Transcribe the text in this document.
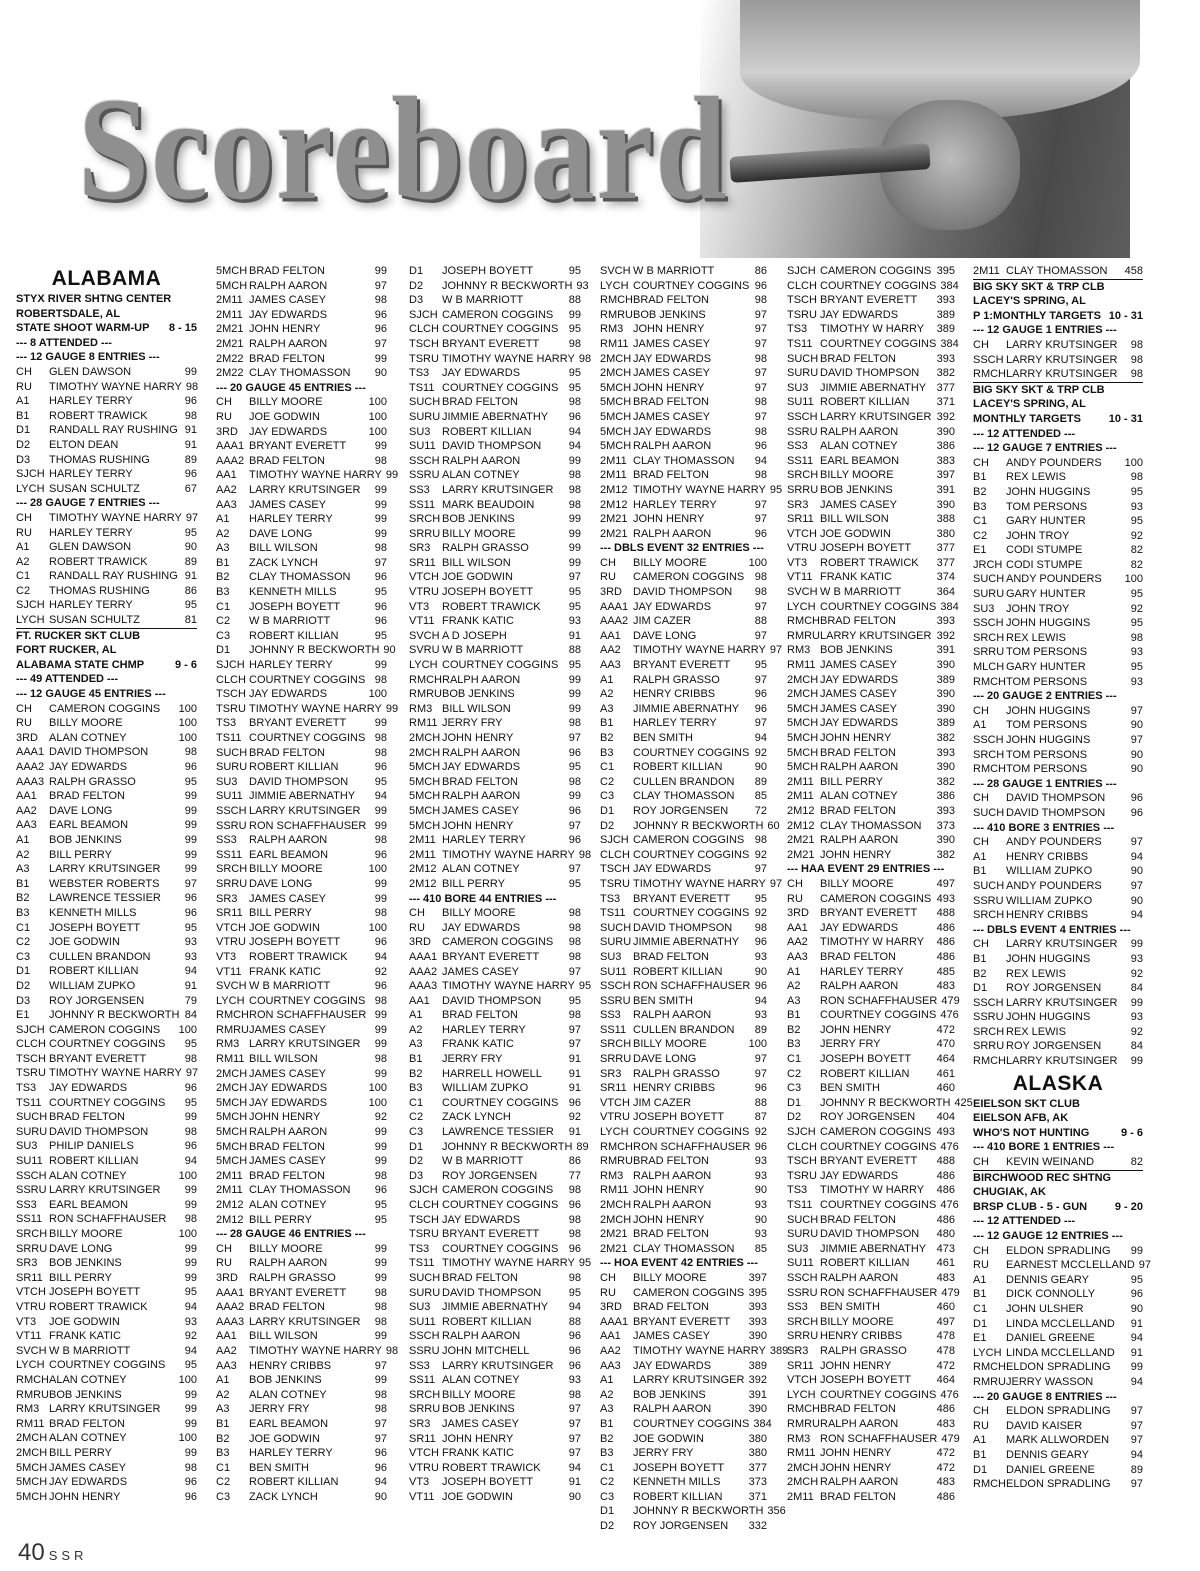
Scoreboard
ALABAMA
STYX RIVER SHTNG CENTER
ROBERTSDALE, AL
STATE SHOOT WARM-UP	8 - 15
--- 8 ATTENDED ---
--- 12 GAUGE 8 ENTRIES ---
CH	GLEN DAWSON	99
RU	TIMOTHY WAYNE HARRY 98
A1	HARLEY TERRY	96
B1	ROBERT TRAWICK	98
D1	RANDALL RAY RUSHING 91
D2	ELTON DEAN	91
D3	THOMAS RUSHING	89
SJCH HARLEY TERRY	96
LYCH SUSAN SCHULTZ	67
--- 28 GAUGE 7 ENTRIES ---
CH	TIMOTHY WAYNE HARRY 97
RU	HARLEY TERRY	95
A1	GLEN DAWSON	90
A2	ROBERT TRAWICK	89
C1	RANDALL RAY RUSHING 91
C2	THOMAS RUSHING	86
SJCH HARLEY TERRY	95
LYCH SUSAN SCHULTZ	81
FT. RUCKER SKT CLUB
FORT RUCKER, AL
ALABAMA STATE CHMP	9 - 6
--- 49 ATTENDED ---
--- 12 GAUGE 45 ENTRIES ---
CH	CAMERON COGGINS	100
RU	BILLY MOORE	100
3RD ALAN COTNEY	100
AAA1 DAVID THOMPSON	98
AAA2 JAY EDWARDS	96
AAA3 RALPH GRASSO	95
AA1	BRAD FELTON	99
AA2	DAVE LONG	99
AA3	EARL BEAMON	99
A1	BOB JENKINS	99
A2	BILL PERRY	99
A3	LARRY KRUTSINGER	99
B1	WEBSTER ROBERTS	97
B2	LAWRENCE TESSIER	96
B3	KENNETH MILLS	96
C1	JOSEPH BOYETT	95
C2	JOE GODWIN	93
C3	CULLEN BRANDON	93
D1	ROBERT KILLIAN	94
D2	WILLIAM ZUPKO	91
D3	ROY JORGENSEN	79
E1	JOHNNY R BECKWORTH 84
SJCH CAMERON COGGINS	100
CLCH COURTNEY COGGINS	95
TSCH BRYANT EVERETT	98
TSRU TIMOTHY WAYNE HARRY 97
TS3	JAY EDWARDS	96
TS11 COURTNEY COGGINS	95
SUCH BRAD FELTON	99
SURU DAVID THOMPSON	98
SU3	PHILIP DANIELS	96
SU11 ROBERT KILLIAN	94
SSCH ALAN COTNEY	100
SSRU LARRY KRUTSINGER	99
SS3	EARL BEAMON	99
SS11 RON SCHAFFHAUSER	98
SRCH BILLY MOORE	100
SRRU DAVE LONG	99
SR3	BOB JENKINS	99
SR11 BILL PERRY	99
VTCH JOSEPH BOYETT	95
VTRU ROBERT TRAWICK	94
VT3	JOE GODWIN	93
VT11 FRANK KATIC	92
SVCH W B MARRIOTT	94
LYCH COURTNEY COGGINS	95
RMCH ALAN COTNEY	100
RMRU BOB JENKINS	99
RM3 LARRY KRUTSINGER	99
RM11 BRAD FELTON	99
2MCH ALAN COTNEY	100
2MCH BILL PERRY	99
5MCH JAMES CASEY	98
5MCH JAY EDWARDS	96
5MCH JOHN HENRY	96
5MCH BRAD FELTON	99
5MCH RALPH AARON	97
2M11 JAMES CASEY	98
2M11 JAY EDWARDS	96
2M21 JOHN HENRY	96
2M21 RALPH AARON	97
2M22 BRAD FELTON	99
2M22 CLAY THOMASSON	90
--- 20 GAUGE 45 ENTRIES ---
CH	BILLY MOORE	100
RU	JOE GODWIN	100
3RD JAY EDWARDS	100
AAA1 BRYANT EVERETT	99
AAA2 BRAD FELTON	98
AA1	TIMOTHY WAYNE HARRY 99
AA2	LARRY KRUTSINGER	99
AA3	JAMES CASEY	99
A1	HARLEY TERRY	99
A2	DAVE LONG	99
A3	BILL WILSON	98
B1	ZACK LYNCH	97
B2	CLAY THOMASSON	96
B3	KENNETH MILLS	95
C1	JOSEPH BOYETT	96
C2	W B MARRIOTT	96
C3	ROBERT KILLIAN	95
D1	JOHNNY R BECKWORTH 90
SJCH HARLEY TERRY	99
CLCH COURTNEY COGGINS 98
TSCH JAY EDWARDS	100
TSRU TIMOTHY WAYNE HARRY 99
TS3	BRYANT EVERETT	99
TS11 COURTNEY COGGINS 98
SUCH BRAD FELTON	98
SURU ROBERT KILLIAN	96
SU3	DAVID THOMPSON	95
SU11 JIMMIE ABERNATHY	94
SSCH LARRY KRUTSINGER	99
SSRU RON SCHAFFHAUSER 99
SS3	RALPH AARON	98
SS11 EARL BEAMON	96
SRCH BILLY MOORE	100
SRRU DAVE LONG	99
SR3	JAMES CASEY	99
SR11 BILL PERRY	98
VTCH JOE GODWIN	100
VTRU JOSEPH BOYETT	96
VT3	ROBERT TRAWICK	94
VT11 FRANK KATIC	92
SVCH W B MARRIOTT	96
LYCH COURTNEY COGGINS 98
RMCH RON SCHAFFHAUSER 99
RMRU JAMES CASEY	99
RM3 LARRY KRUTSINGER	99
RM11 BILL WILSON	98
2MCH JAMES CASEY	99
2MCH JAY EDWARDS	100
5MCH JAY EDWARDS	100
5MCH JOHN HENRY	92
5MCH RALPH AARON	99
5MCH BRAD FELTON	99
5MCH JAMES CASEY	99
2M11 BRAD FELTON	98
2M11 CLAY THOMASSON	96
2M12 ALAN COTNEY	95
2M12 BILL PERRY	95
--- 28 GAUGE 46 ENTRIES ---
CH	BILLY MOORE	99
RU	RALPH AARON	99
3RD RALPH GRASSO	99
AAA1 BRYANT EVERETT	98
AAA2 BRAD FELTON	98
AAA3 LARRY KRUTSINGER	98
AA1	BILL WILSON	99
AA2	TIMOTHY WAYNE HARRY 98
AA3	HENRY CRIBBS	97
A1	BOB JENKINS	99
A2	ALAN COTNEY	98
A3	JERRY FRY	98
B1	EARL BEAMON	97
B2	JOE GODWIN	97
B3	HARLEY TERRY	96
C1	BEN SMITH	96
C2	ROBERT KILLIAN	94
C3	ZACK LYNCH	90
D1	JOSEPH BOYETT	95
D2	JOHNNY R BECKWORTH 93
D3	W B MARRIOTT	88
SJCH CAMERON COGGINS	99
CLCH COURTNEY COGGINS 95
TSCH BRYANT EVERETT	98
TSRU TIMOTHY WAYNE HARRY 98
TS3	JAY EDWARDS	95
TS11 COURTNEY COGGINS 95
SUCH BRAD FELTON	98
SURU JIMMIE ABERNATHY	96
SU3	ROBERT KILLIAN	94
SU11 DAVID THOMPSON	94
SSCH RALPH AARON	99
SSRU ALAN COTNEY	98
SS3	LARRY KRUTSINGER	98
SS11 MARK BEAUDOIN	98
SRCH BOB JENKINS	99
SRRU BILLY MOORE	99
SR3	RALPH GRASSO	99
SR11 BILL WILSON	99
VTCH JOE GODWIN	97
VTRU JOSEPH BOYETT	95
VT3	ROBERT TRAWICK	95
VT11 FRANK KATIC	93
SVCH A D JOSEPH	91
SVRU W B MARRIOTT	88
LYCH COURTNEY COGGINS 95
RMCH RALPH AARON	99
RMRU BOB JENKINS	99
RM3 BILL WILSON	99
RM11 JERRY FRY	98
2MCH JOHN HENRY	97
2MCH RALPH AARON	96
5MCH JAY EDWARDS	95
5MCH BRAD FELTON	98
5MCH RALPH AARON	99
5MCH JAMES CASEY	96
5MCH JOHN HENRY	97
2M11 HARLEY TERRY	96
2M11 TIMOTHY WAYNE HARRY 98
2M12 ALAN COTNEY	97
2M12 BILL PERRY	95
--- 410 BORE 44 ENTRIES ---
CH	BILLY MOORE	98
RU	JAY EDWARDS	98
3RD CAMERON COGGINS	98
AAA1 BRYANT EVERETT	98
AAA2 JAMES CASEY	97
AAA3 TIMOTHY WAYNE HARRY 95
AA1	DAVID THOMPSON	95
A1	BRAD FELTON	98
A2	HARLEY TERRY	97
A3	FRANK KATIC	97
B1	JERRY FRY	91
B2	HARRELL HOWELL	91
B3	WILLIAM ZUPKO	91
C1	COURTNEY COGGINS 96
C2	ZACK LYNCH	92
C3	LAWRENCE TESSIER	91
D1	JOHNNY R BECKWORTH 89
D2	W B MARRIOTT	86
D3	ROY JORGENSEN	77
SJCH CAMERON COGGINS	98
CLCH COURTNEY COGGINS 96
TSCH JAY EDWARDS	98
TSRU BRYANT EVERETT	98
TS3	COURTNEY COGGINS 96
TS11 TIMOTHY WAYNE HARRY 95
SUCH BRAD FELTON	98
SURU DAVID THOMPSON	95
SU3	JIMMIE ABERNATHY	94
SU11 ROBERT KILLIAN	88
SSCH RALPH AARON	96
SSRU JOHN MITCHELL	96
SS3	LARRY KRUTSINGER	96
SS11 ALAN COTNEY	93
SRCH BILLY MOORE	98
SRRU BOB JENKINS	97
SR3	JAMES CASEY	97
SR11 JOHN HENRY	97
VTCH FRANK KATIC	97
VTRU ROBERT TRAWICK	94
VT3	JOSEPH BOYETT	91
VT11 JOE GODWIN	90
SVCH W B MARRIOTT	86
LYCH COURTNEY COGGINS 96
RMCH BRAD FELTON	98
RMRU BOB JENKINS	97
RM3 JOHN HENRY	97
RM11 JAMES CASEY	97
2MCH JAY EDWARDS	98
2MCH JAMES CASEY	97
5MCH JOHN HENRY	97
5MCH BRAD FELTON	98
5MCH JAMES CASEY	97
5MCH JAY EDWARDS	98
5MCH RALPH AARON	96
2M11 CLAY THOMASSON	94
2M11 BRAD FELTON	98
2M12 TIMOTHY WAYNE HARRY 95
2M12 HARLEY TERRY	97
2M21 JOHN HENRY	97
2M21 RALPH AARON	96
--- DBLS EVENT 32 ENTRIES ---
CH	BILLY MOORE	100
RU	CAMERON COGGINS 98
3RD DAVID THOMPSON	98
AAA1 JAY EDWARDS	97
AAA2 JIM CAZER	88
AA1	DAVE LONG	97
AA2	TIMOTHY WAYNE HARRY 97
AA3	BRYANT EVERETT	95
A1	RALPH GRASSO	97
A2	HENRY CRIBBS	96
A3	JIMMIE ABERNATHY	96
B1	HARLEY TERRY	97
B2	BEN SMITH	94
B3	COURTNEY COGGINS 92
C1	ROBERT KILLIAN	90
C2	CULLEN BRANDON	89
C3	CLAY THOMASSON	85
D1	ROY JORGENSEN	72
D2	JOHNNY R BECKWORTH 60
SJCH CAMERON COGGINS 98
CLCH COURTNEY COGGINS 92
TSCH JAY EDWARDS	97
TSRU TIMOTHY WAYNE HARRY 97
TS3	BRYANT EVERETT	95
TS11 COURTNEY COGGINS 92
SUCH DAVID THOMPSON	98
SURU JIMMIE ABERNATHY	96
SU3	BRAD FELTON	93
SU11 ROBERT KILLIAN	90
SSCH RON SCHAFFHAUSER 96
SSRU BEN SMITH	94
SS3	RALPH AARON	93
SS11 CULLEN BRANDON	89
SRCH BILLY MOORE	100
SRRU DAVE LONG	97
SR3	RALPH GRASSO	97
SR11 HENRY CRIBBS	96
VTCH JIM CAZER	88
VTRU JOSEPH BOYETT	87
LYCH COURTNEY COGGINS 92
RMCH RON SCHAFFHAUSER 96
RMRU BRAD FELTON	93
RM3 RALPH AARON	93
RM11 JOHN HENRY	90
2MCH RALPH AARON	93
2MCH JOHN HENRY	90
2M21 BRAD FELTON	93
2M21 CLAY THOMASSON	85
--- HOA EVENT 42 ENTRIES ---
CH	BILLY MOORE	397
RU	CAMERON COGGINS 395
3RD BRAD FELTON	393
AAA1 BRYANT EVERETT	393
AA1	JAMES CASEY	390
AA2	TIMOTHY WAYNE HARRY 389
AA3	JAY EDWARDS	389
A1	LARRY KRUTSINGER 392
A2	BOB JENKINS	391
A3	RALPH AARON	390
B1	COURTNEY COGGINS 384
B2	JOE GODWIN	380
B3	JERRY FRY	380
C1	JOSEPH BOYETT	377
C2	KENNETH MILLS	373
C3	ROBERT KILLIAN	371
D1	JOHNNY R BECKWORTH 356
D2	ROY JORGENSEN	332
SJCH CAMERON COGGINS 395
CLCH COURTNEY COGGINS 384
TSCH BRYANT EVERETT	393
TSRU JAY EDWARDS	389
TS3	TIMOTHY W HARRY	389
TS11 COURTNEY COGGINS 384
SUCH BRAD FELTON	393
SURU DAVID THOMPSON	382
SU3	JIMMIE ABERNATHY 377
SU11 ROBERT KILLIAN	371
SSCH LARRY KRUTSINGER 392
SSRU RALPH AARON	390
SS3	ALAN COTNEY	386
SS11 EARL BEAMON	383
SRCH BILLY MOORE	397
SRRU BOB JENKINS	391
SR3	JAMES CASEY	390
SR11 BILL WILSON	388
VTCH JOE GODWIN	380
VTRU JOSEPH BOYETT	377
VT3	ROBERT TRAWICK	377
VT11 FRANK KATIC	374
SVCH W B MARRIOTT	364
LYCH COURTNEY COGGINS 384
RMCH BRAD FELTON	393
RMRU LARRY KRUTSINGER 392
RM3 BOB JENKINS	391
RM11 JAMES CASEY	390
2MCH JAY EDWARDS	389
2MCH JAMES CASEY	390
5MCH JAMES CASEY	390
5MCH JAY EDWARDS	389
5MCH JOHN HENRY	382
5MCH BRAD FELTON	393
5MCH RALPH AARON	390
2M11 BILL PERRY	382
2M11 ALAN COTNEY	386
2M12 BRAD FELTON	393
2M12 CLAY THOMASSON	373
2M21 RALPH AARON	390
2M21 JOHN HENRY	382
--- HAA EVENT 29 ENTRIES ---
CH	BILLY MOORE	497
RU	CAMERON COGGINS 493
3RD BRYANT EVERETT	488
AA1	JAY EDWARDS	486
AA2	TIMOTHY W HARRY	486
AA3	BRAD FELTON	486
A1	HARLEY TERRY	485
A2	RALPH AARON	483
A3	RON SCHAFFHAUSER 479
B1	COURTNEY COGGINS 476
B2	JOHN HENRY	472
B3	JERRY FRY	470
C1	JOSEPH BOYETT	464
C2	ROBERT KILLIAN	461
C3	BEN SMITH	460
D1	JOHNNY R BECKWORTH 425
D2	ROY JORGENSEN	404
SJCH CAMERON COGGINS 493
CLCH COURTNEY COGGINS 476
TSCH BRYANT EVERETT	488
TSRU JAY EDWARDS	486
TS3	TIMOTHY W HARRY	486
TS11 COURTNEY COGGINS 476
SUCH BRAD FELTON	486
SURU DAVID THOMPSON	480
SU3	JIMMIE ABERNATHY 473
SU11 ROBERT KILLIAN	461
SSCH RALPH AARON	483
SSRU RON SCHAFFHAUSER 479
SS3	BEN SMITH	460
SRCH BILLY MOORE	497
SRRU HENRY CRIBBS	478
SR3	RALPH GRASSO	478
SR11 JOHN HENRY	472
VTCH JOSEPH BOYETT	464
LYCH COURTNEY COGGINS 476
RMCH BRAD FELTON	486
RMRU RALPH AARON	483
RM3 RON SCHAFFHAUSER 479
RM11 JOHN HENRY	472
2MCH JOHN HENRY	472
2MCH RALPH AARON	483
2M11 BRAD FELTON	486
2M11 CLAY THOMASSON	458
BIG SKY SKT & TRP CLB
LACEY'S SPRING, AL
P 1:MONTHLY TARGETS 10 - 31
--- 12 GAUGE 1 ENTRIES ---
CH	LARRY KRUTSINGER	98
SSCH LARRY KRUTSINGER	98
RMCH LARRY KRUTSINGER	98
BIG SKY SKT & TRP CLB
LACEY'S SPRING, AL
MONTHLY TARGETS	10 - 31
--- 12 ATTENDED ---
--- 12 GAUGE 7 ENTRIES ---
CH	ANDY POUNDERS	100
B1	REX LEWIS	98
B2	JOHN HUGGINS	95
B3	TOM PERSONS	93
C1	GARY HUNTER	95
C2	JOHN TROY	92
E1	CODI STUMPE	82
JRCH CODI STUMPE	82
SUCH ANDY POUNDERS	100
SURU GARY HUNTER	95
SU3	JOHN TROY	92
SSCH JOHN HUGGINS	95
SRCH REX LEWIS	98
SRRU TOM PERSONS	93
MLCH GARY HUNTER	95
RMCH TOM PERSONS	93
--- 20 GAUGE 2 ENTRIES ---
CH	JOHN HUGGINS	97
A1	TOM PERSONS	90
SSCH JOHN HUGGINS	97
SRCH TOM PERSONS	90
RMCH TOM PERSONS	90
--- 28 GAUGE 1 ENTRIES ---
CH	DAVID THOMPSON	96
SUCH DAVID THOMPSON	96
--- 410 BORE 3 ENTRIES ---
CH	ANDY POUNDERS	97
A1	HENRY CRIBBS	94
B1	WILLIAM ZUPKO	90
SUCH ANDY POUNDERS	97
SSRU WILLIAM ZUPKO	90
SRCH HENRY CRIBBS	94
--- DBLS EVENT 4 ENTRIES ---
CH	LARRY KRUTSINGER	99
B1	JOHN HUGGINS	93
B2	REX LEWIS	92
D1	ROY JORGENSEN	84
SSCH LARRY KRUTSINGER	99
SSRU JOHN HUGGINS	93
SRCH REX LEWIS	92
SRRU ROY JORGENSEN	84
RMCH LARRY KRUTSINGER	99
ALASKA
EIELSON SKT CLUB
EIELSON AFB, AK
WHO'S NOT HUNTING	9 - 6
--- 410 BORE 1 ENTRIES ---
CH	KEVIN WEINAND	82
BIRCHWOOD REC SHTNG
CHUGIAK, AK
BRSP CLUB - 5 - GUN	9 - 20
--- 12 ATTENDED ---
--- 12 GAUGE 12 ENTRIES ---
CH	ELDON SPRADLING	99
RU	EARNEST MCCLELLAND 97
A1	DENNIS GEARY	95
B1	DICK CONNOLLY	96
C1	JOHN ULSHER	90
D1	LINDA MCCLELLAND	91
E1	DANIEL GREENE	94
LYCH LINDA MCCLELLAND	91
RMCH ELDON SPRADLING	99
RMRU JERRY WASSON	94
--- 20 GAUGE 8 ENTRIES ---
CH	ELDON SPRADLING	97
RU	DAVID KAISER	97
A1	MARK ALLWORDEN	97
B1	DENNIS GEARY	94
D1	DANIEL GREENE	89
RMCH ELDON SPRADLING	97
40 SSR
